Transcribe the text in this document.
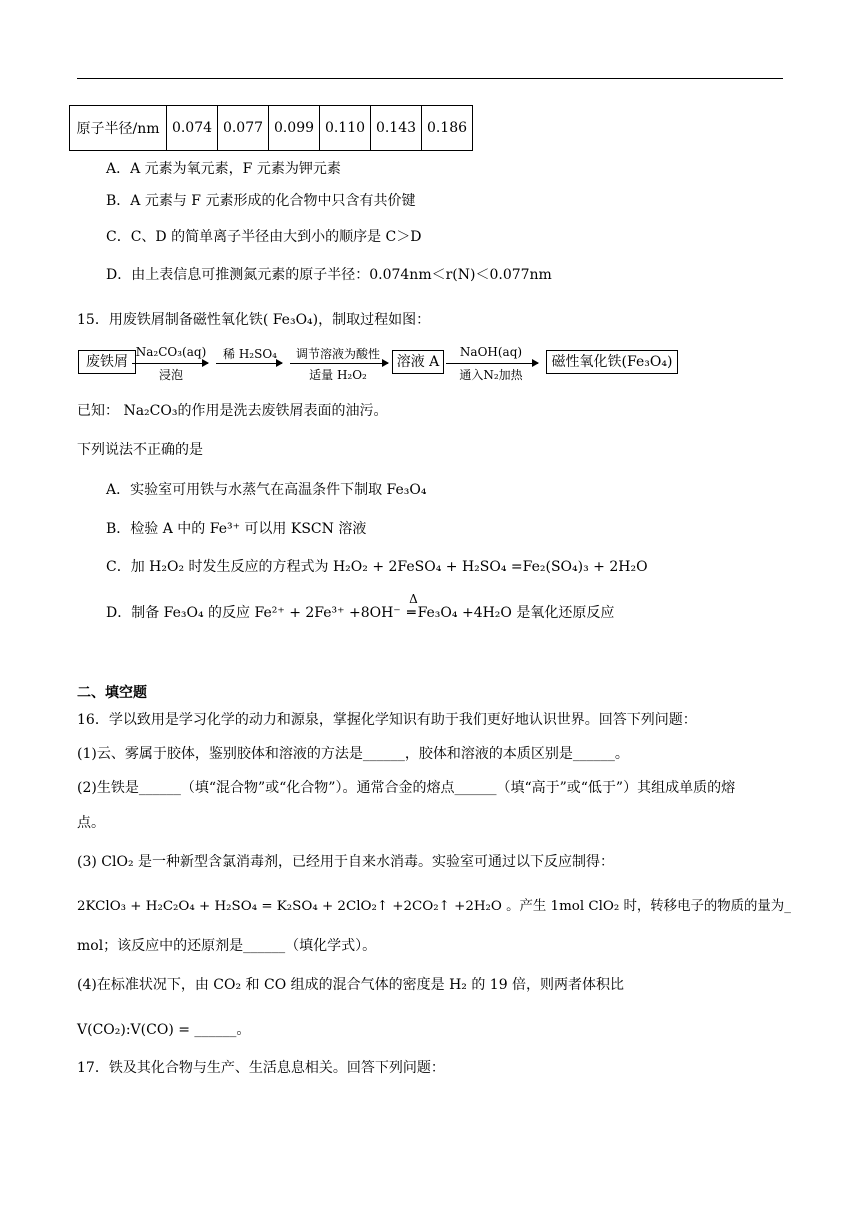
原子半径/nm	0.074	0.077	0.099	0.110	0.143	0.186
A．A 元素为氧元素，F 元素为钾元素
B．A 元素与 F 元素形成的化合物中只含有共价键
C．C、D 的简单离子半径由大到小的顺序是 C＞D
D．由上表信息可推测氮元素的原子半径：0.074nm＜r(N)＜0.077nm
15．用废铁屑制备磁性氧化铁( Fe₃O₄)，制取过程如图：
废铁屑
Na₂CO₃(aq)
浸泡
稀 H₂SO₄	调节溶液为酸性
适量 H₂O₂
溶液 A
NaOH(aq)
通入N₂加热
磁性氧化铁(Fe₃O₄)
已知： Na₂CO₃的作用是洗去废铁屑表面的油污。
下列说法不正确的是
A．实验室可用铁与水蒸气在高温条件下制取 Fe₃O₄
B．检验 A 中的 Fe³⁺ 可以用 KSCN 溶液
C．加 H₂O₂ 时发生反应的方程式为 H₂O₂ + 2FeSO₄ + H₂SO₄ =Fe₂(SO₄)₃ + 2H₂O
D．制备 Fe₃O₄ 的反应 Fe²⁺ + 2Fe³⁺ +8OH⁻
Δ
═ Fe₃O₄ +4H₂O 是氧化还原反应
二、填空题
16．学以致用是学习化学的动力和源泉，掌握化学知识有助于我们更好地认识世界。回答下列问题：
(1)云、雾属于胶体，鉴别胶体和溶液的方法是______，胶体和溶液的本质区别是______。
(2)生铁是______（填“混合物”或“化合物”）。通常合金的熔点______（填“高于”或“低于”）其组成单质的熔
点。
(3) ClO₂ 是一种新型含氯消毒剂，已经用于自来水消毒。实验室可通过以下反应制得：
2KClO₃ + H₂C₂O₄ + H₂SO₄ = K₂SO₄ + 2ClO₂↑ +2CO₂↑ +2H₂O 。产生 1mol ClO₂ 时，转移电子的物质的量为_
mol；该反应中的还原剂是______（填化学式）。
(4)在标准状况下，由 CO₂ 和 CO 组成的混合气体的密度是 H₂ 的 19 倍，则两者体积比
V(CO₂):V(CO) = ______。
17．铁及其化合物与生产、生活息息相关。回答下列问题：
